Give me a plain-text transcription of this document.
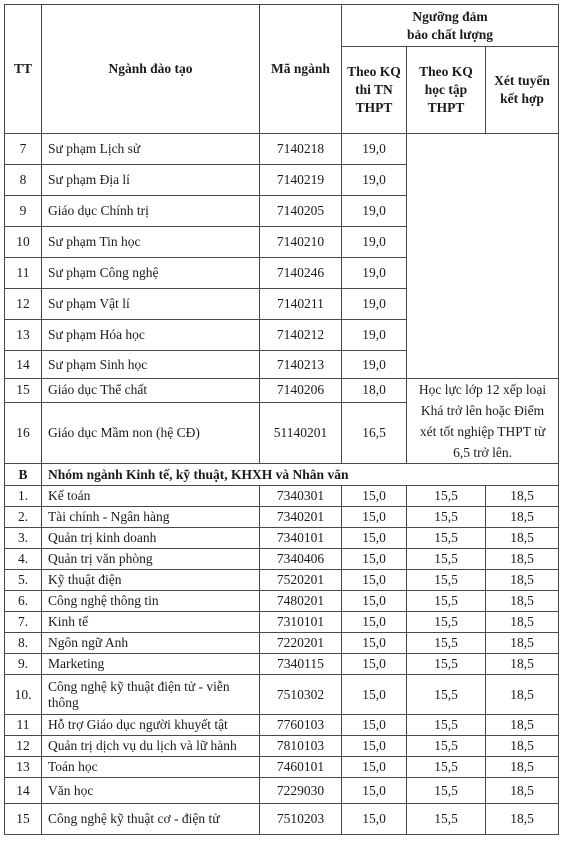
TT	Ngành đào tạo	Mã ngành	Ngưỡng đảm bảo chất lượng		
			Theo KQ thi TN THPT	Theo KQ học tập THPT	Xét tuyển kết hợp
7	Sư phạm Lịch sử	7140218	19,0		
8	Sư phạm Địa lí	7140219	19,0		
9	Giáo dục Chính trị	7140205	19,0		
10	Sư phạm Tin học	7140210	19,0		
11	Sư phạm Công nghệ	7140246	19,0		
12	Sư phạm Vật lí	7140211	19,0		
13	Sư phạm Hóa học	7140212	19,0		
14	Sư phạm Sinh học	7140213	19,0		
15	Giáo dục Thể chất	7140206	18,0	Học lực lớp 12 xếp loại Khá trở lên hoặc Điểm xét tốt nghiệp THPT từ 6,5 trở lên.	
16	Giáo dục Mầm non (hệ CĐ)	51140201	16,5		
B	Nhóm ngành Kinh tế, kỹ thuật, KHXH và Nhân văn				
1.	Kế toán	7340301	15,0	15,5	18,5
2.	Tài chính - Ngân hàng	7340201	15,0	15,5	18,5
3.	Quản trị kinh doanh	7340101	15,0	15,5	18,5
4.	Quản trị văn phòng	7340406	15,0	15,5	18,5
5.	Kỹ thuật điện	7520201	15,0	15,5	18,5
6.	Công nghệ thông tin	7480201	15,0	15,5	18,5
7.	Kinh tế	7310101	15,0	15,5	18,5
8.	Ngôn ngữ Anh	7220201	15,0	15,5	18,5
9.	Marketing	7340115	15,0	15,5	18,5
10.	Công nghệ kỹ thuật điện tử - viễn thông	7510302	15,0	15,5	18,5
11	Hỗ trợ Giáo dục người khuyết tật	7760103	15,0	15,5	18,5
12	Quản trị dịch vụ du lịch và lữ hành	7810103	15,0	15,5	18,5
13	Toán học	7460101	15,0	15,5	18,5
14	Văn học	7229030	15,0	15,5	18,5
15	Công nghệ kỹ thuật cơ - điện tử	7510203	15,0	15,5	18,5
